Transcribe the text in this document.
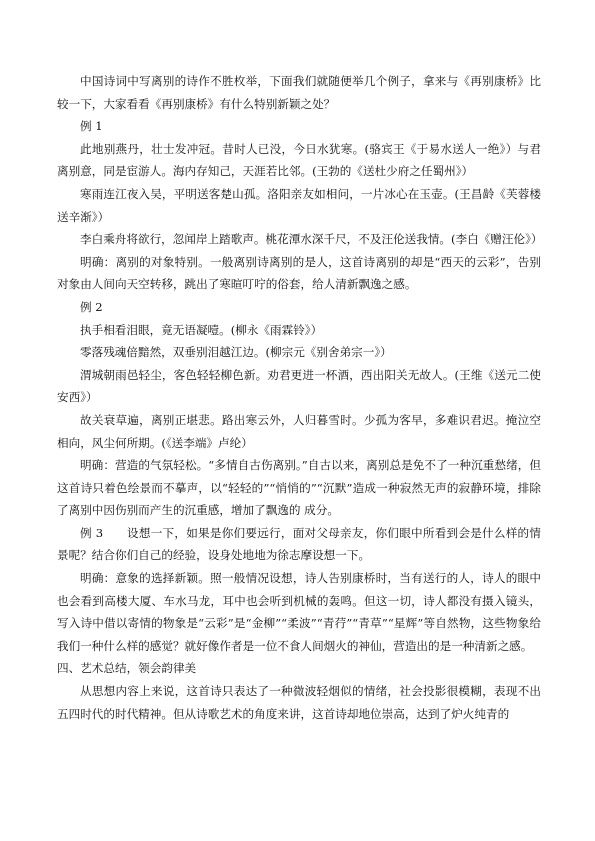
中国诗词中写离别的诗作不胜枚举，下面我们就随便举几个例子，拿来与《再别康桥》比较一下，大家看看《再别康桥》有什么特别新颖之处？

例 1

此地别燕丹，壮士发冲冠。昔时人已没，今日水犹寒。(骆宾王《于易水送人一绝》）与君离别意，同是宦游人。海内存知己，天涯若比邻。(王勃的《送杜少府之任蜀州》）

寒雨连江夜入吴，平明送客楚山孤。洛阳亲友如相问，一片冰心在玉壶。(王昌龄《芙蓉楼送辛渐》）

李白乘舟将欲行，忽闻岸上踏歌声。桃花潭水深千尺，不及汪伦送我情。(李白《赠汪伦》）

明确：离别的对象特别。一般离别诗离别的是人，这首诗离别的却是“西天的云彩”，告别对象由人间向天空转移，跳出了寒暄叮咛的俗套，给人清新飘逸之感。

例 2

执手相看泪眼，竟无语凝噎。(柳永《雨霖铃》）

零落残魂倍黯然，双垂别泪越江边。(柳宗元《别舍弟宗一》）

渭城朝雨邑轻尘，客色轻轻柳色新。劝君更进一杯酒，西出阳关无故人。(王维《送元二使安西》）

故关衰草遍，离别正堪悲。路出寒云外，人归暮雪时。少孤为客早，多难识君迟。掩泣空相向，风尘何所期。(《送李端》卢纶）

明确：营造的气氛轻松。“多情自古伤离别。”自古以来，离别总是免不了一种沉重愁绪，但这首诗只着色绘景而不摹声，以“轻轻的”“悄悄的”“沉默”造成一种寂然无声的寂静环境，排除了离别中因伤别而产生的沉重感，增加了飘逸的 成分。

例 3　　设想一下，如果是你们要远行，面对父母亲友，你们眼中所看到会是什么样的情景呢？结合你们自己的经验，设身处地地为徐志摩设想一下。

明确：意象的选择新颖。照一般情况设想，诗人告别康桥时，当有送行的人，诗人的眼中也会看到高楼大厦、车水马龙，耳中也会听到机械的轰鸣。但这一切，诗人都没有摄入镜头，写入诗中借以寄情的物象是“云彩”是“金柳”“柔波”“青荇”“青草”“星辉”等自然物，这些物象给我们一种什么样的感觉？就好像作者是一位不食人间烟火的神仙，营造出的是一种清新之感。

四、艺术总结，领会韵律美

从思想内容上来说，这首诗只表达了一种微波轻烟似的情绪，社会投影很模糊，表现不出五四时代的时代精神。但从诗歌艺术的角度来讲，这首诗却地位崇高，达到了炉火纯青的
